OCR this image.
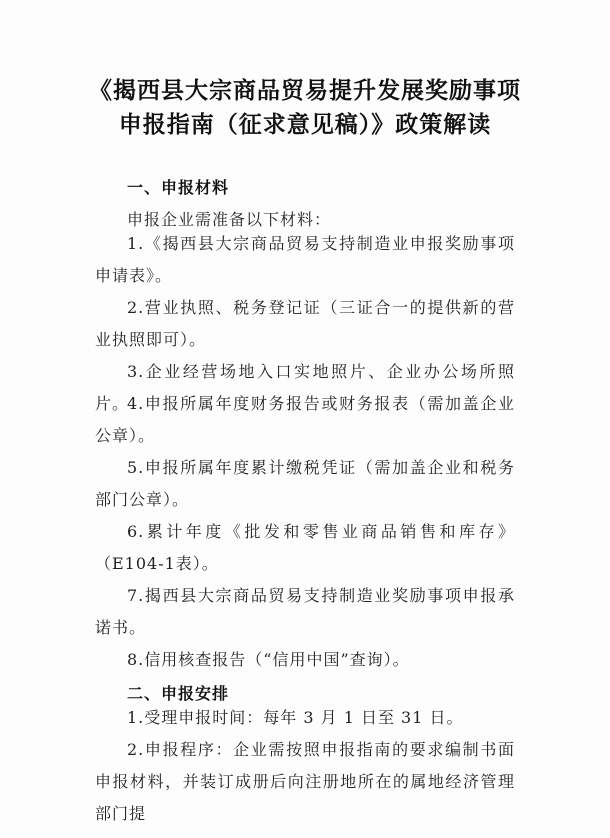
《揭西县大宗商品贸易提升发展奖励事项
申报指南（征求意见稿）》政策解读
一、申报材料
申报企业需准备以下材料：
1.《揭西县大宗商品贸易支持制造业申报奖励事项申请表》。
2.营业执照、税务登记证（三证合一的提供新的营业执照即可）。
3.企业经营场地入口实地照片、企业办公场所照片。
4.申报所属年度财务报告或财务报表（需加盖企业公章）。
5.申报所属年度累计缴税凭证（需加盖企业和税务部门公章）。
6.累计年度《批发和零售业商品销售和库存》（E104-1表）。
7.揭西县大宗商品贸易支持制造业奖励事项申报承诺书。
8.信用核查报告（“信用中国”查询）。
二、申报安排
1.受理申报时间：每年 3 月 1 日至 31 日。
2.申报程序：企业需按照申报指南的要求编制书面申报材料，并装订成册后向注册地所在的属地经济管理部门提
